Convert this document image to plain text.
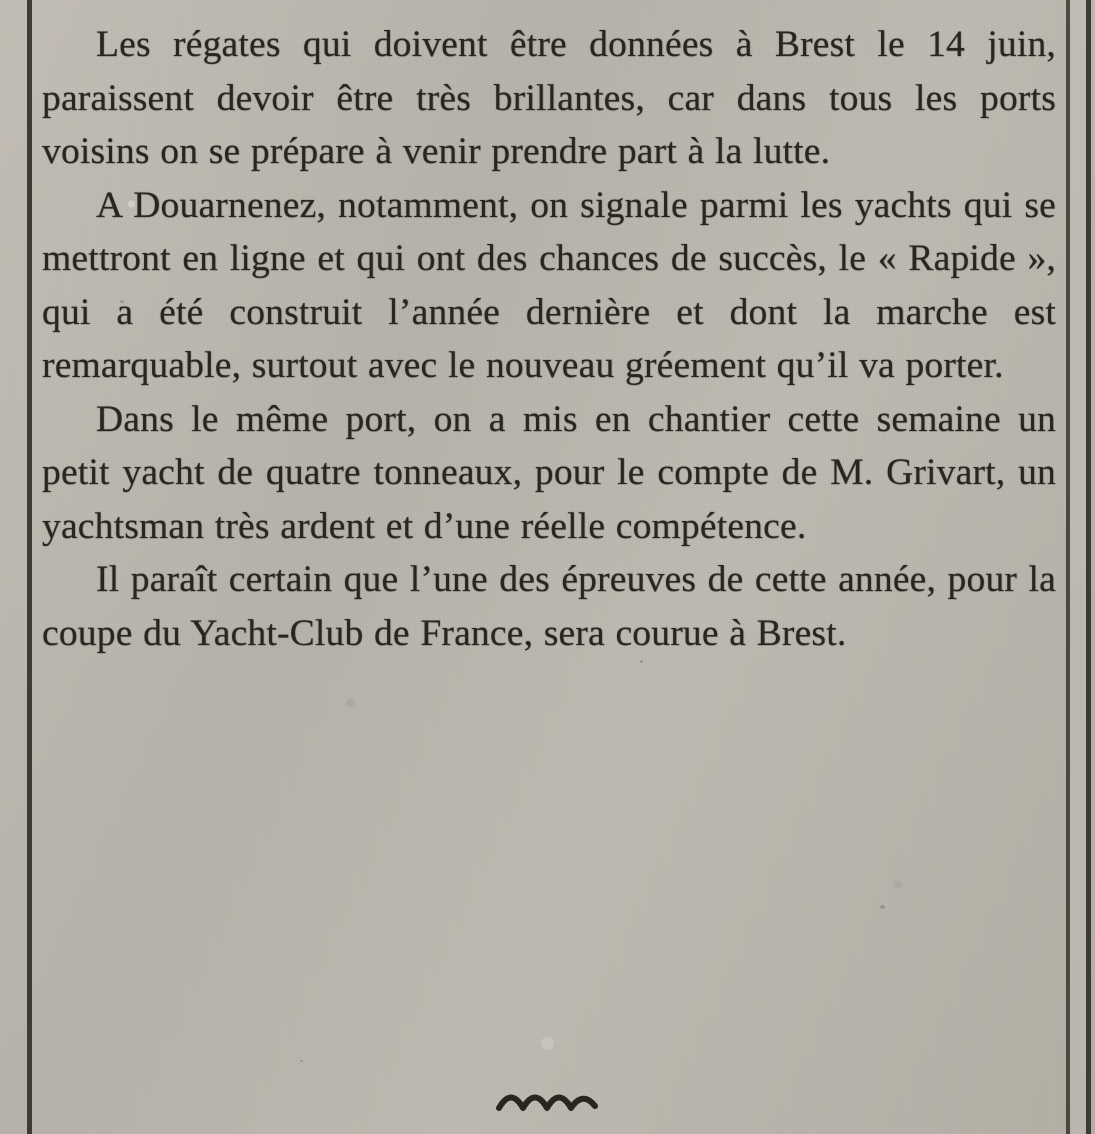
Les régates qui doivent être données à Brest le 14 juin, paraissent devoir être très brillantes, car dans tous les ports voisins on se prépare à venir prendre part à la lutte.

A Douarnenez, notamment, on signale parmi les yachts qui se mettront en ligne et qui ont des chances de succès, le « Rapide », qui a été construit l’année dernière et dont la marche est remarquable, surtout avec le nouveau gréement qu’il va porter.

Dans le même port, on a mis en chantier cette semaine un petit yacht de quatre tonneaux, pour le compte de M. Grivart, un yachtsman très ardent et d’une réelle compétence.

Il paraît certain que l’une des épreuves de cette année, pour la coupe du Yacht-Club de France, sera courue à Brest.
